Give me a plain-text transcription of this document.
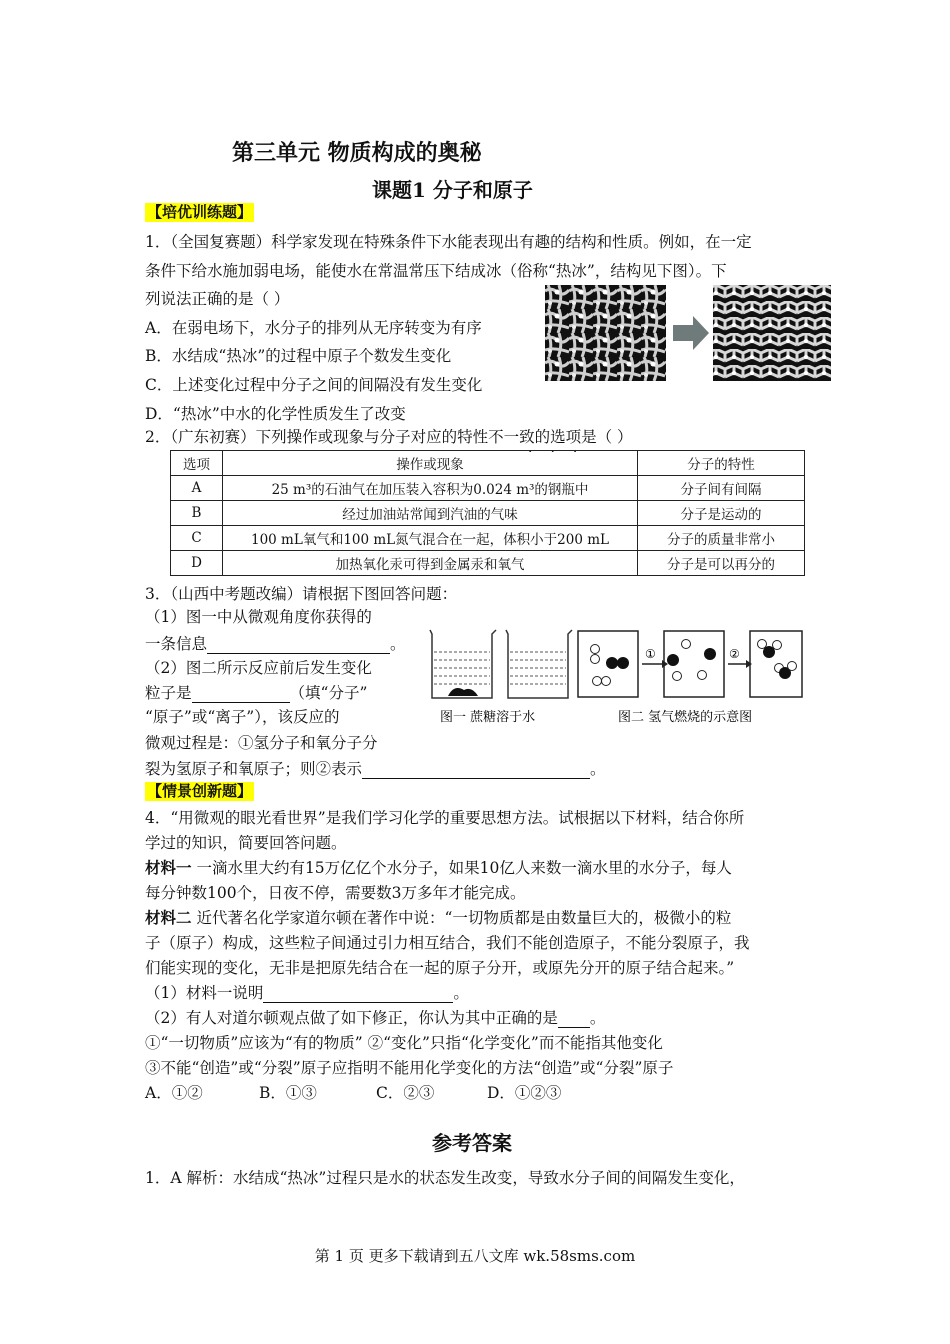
第三单元 物质构成的奥秘
课题1 分子和原子
【培优训练题】
1．（全国复赛题）科学家发现在特殊条件下水能表现出有趣的结构和性质。例如，在一定
条件下给水施加弱电场，能使水在常温常压下结成冰（俗称“热冰”，结构见下图）。下
列说法正确的是（ ）
A．在弱电场下，水分子的排列从无序转变为有序
B．水结成“热冰”的过程中原子个数发生变化
C．上述变化过程中分子之间的间隔没有发生变化
D．“热冰”中水的化学性质发生了改变
2．（广东初赛）下列操作或现象与分子对应的特性不一致的选项是（ ）
···
选项	操作或现象	分子的特性
A	25 m³的石油气在加压装入容积为0.024 m³的钢瓶中	分子间有间隔
B	经过加油站常闻到汽油的气味	分子是运动的
C	100 mL氧气和100 mL氮气混合在一起，体积小于200 mL	分子的质量非常小
D	加热氧化汞可得到金属汞和氧气	分子是可以再分的
3．（山西中考题改编）请根据下图回答问题：
（1）图一中从微观角度你获得的
一条信息	。
（2）图二所示反应前后发生变化
粒子是	（填“分子”
“原子”或“离子”），该反应的
微观过程是：①氢分子和氧分子分
裂为氢原子和氧原子；则②表示	。
图一 蔗糖溶于水
①	②
图二 氢气燃烧的示意图
【情景创新题】
4．“用微观的眼光看世界”是我们学习化学的重要思想方法。试根据以下材料，结合你所
学过的知识，简要回答问题。
材料一 一滴水里大约有15万亿亿个水分子，如果10亿人来数一滴水里的水分子，每人
每分钟数100个，日夜不停，需要数3万多年才能完成。
材料二 近代著名化学家道尔顿在著作中说：“一切物质都是由数量巨大的，极微小的粒
子（原子）构成，这些粒子间通过引力相互结合，我们不能创造原子，不能分裂原子，我
们能实现的变化，无非是把原先结合在一起的原子分开，或原先分开的原子结合起来。”
（1）材料一说明	。
（2）有人对道尔顿观点做了如下修正，你认为其中正确的是 。
①“一切物质”应该为“有的物质” ②“变化”只指“化学变化”而不能指其他变化
③不能“创造”或“分裂”原子应指明不能用化学变化的方法“创造”或“分裂”原子
A．①②	B．①③	C．②③	D．①②③
参考答案
1．A 解析：水结成“热冰”过程只是水的状态发生改变，导致水分子间的间隔发生变化，
第 1 页 更多下载请到五八文库 wk.58sms.com
